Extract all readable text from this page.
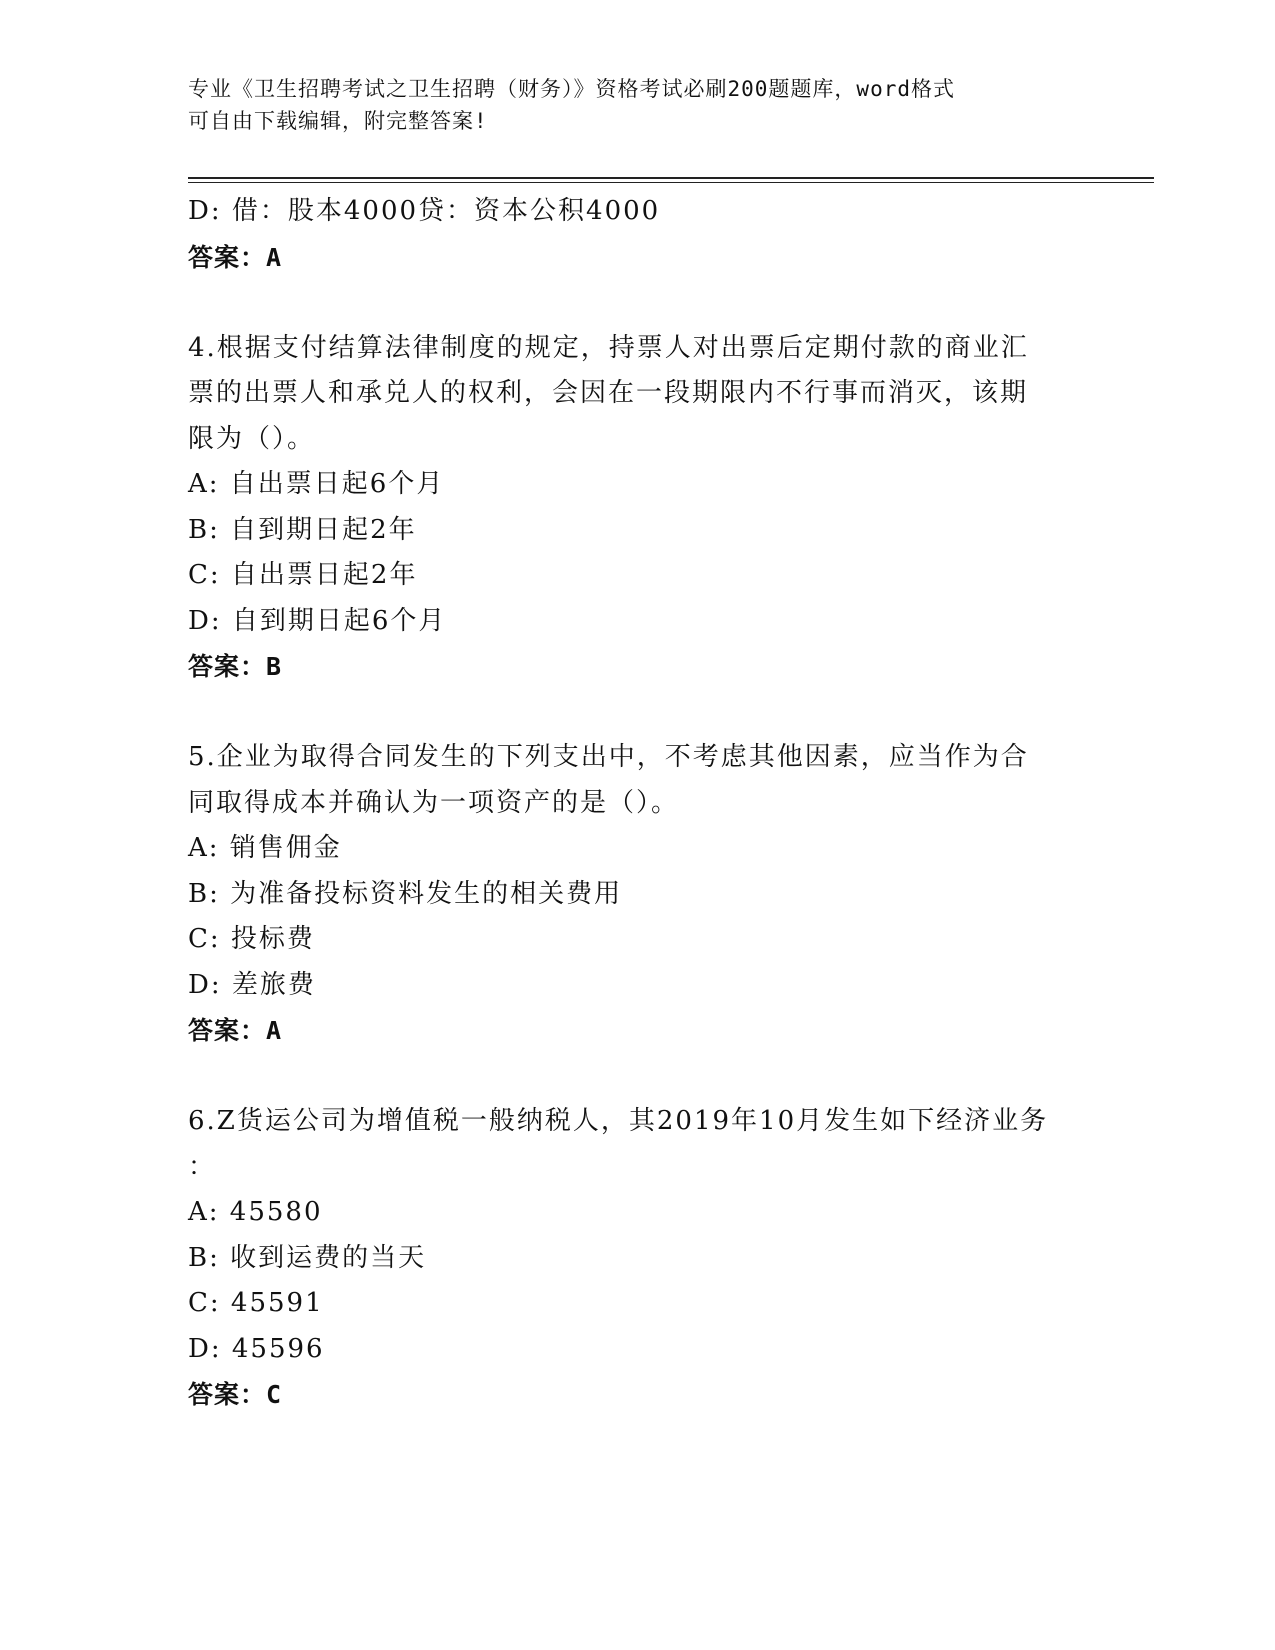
专业《卫生招聘考试之卫生招聘（财务）》资格考试必刷200题题库，word格式
可自由下载编辑，附完整答案!
D: 借：股本4000贷：资本公积4000
答案：A
4.根据支付结算法律制度的规定，持票人对出票后定期付款的商业汇
票的出票人和承兑人的权利，会因在一段期限内不行事而消灭，该期
限为（）。
A: 自出票日起6个月
B: 自到期日起2年
C: 自出票日起2年
D: 自到期日起6个月
答案：B
5.企业为取得合同发生的下列支出中，不考虑其他因素，应当作为合
同取得成本并确认为一项资产的是（）。
A: 销售佣金
B: 为准备投标资料发生的相关费用
C: 投标费
D: 差旅费
答案：A
6.Z货运公司为增值税一般纳税人，其2019年10月发生如下经济业务
：
A: 45580
B: 收到运费的当天
C: 45591
D: 45596
答案：C
